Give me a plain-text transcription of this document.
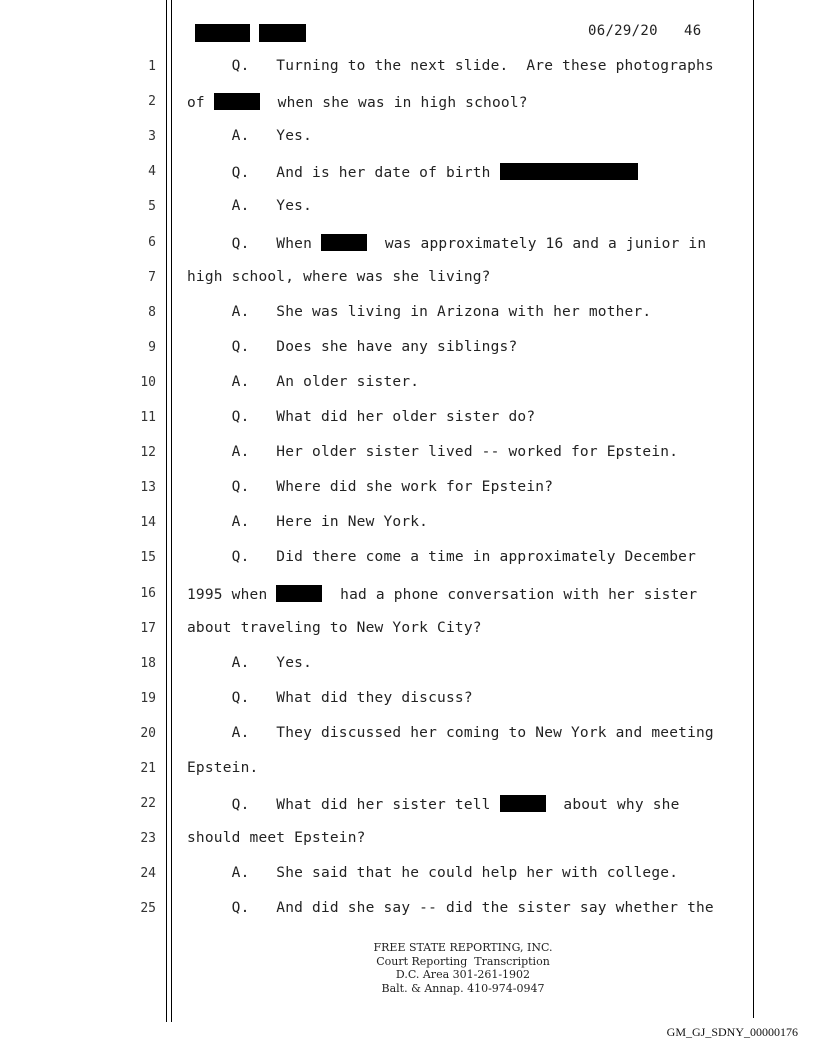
06/29/20   46
1 Q.   Turning to the next slide.  Are these photographs
2 of	when she was in high school?
3 A.   Yes.
4 Q.   And is her date of birth
5 A.   Yes.
6 Q.   When	was approximately 16 and a junior in
7 high school, where was she living?
8 A.   She was living in Arizona with her mother.
9 Q.   Does she have any siblings?
10 A.   An older sister.
11 Q.   What did her older sister do?
12 A.   Her older sister lived -- worked for Epstein.
13 Q.   Where did she work for Epstein?
14 A.   Here in New York.
15 Q.   Did there come a time in approximately December
16 1995 when	had a phone conversation with her sister
17 about traveling to New York City?
18 A.   Yes.
19 Q.   What did they discuss?
20 A.   They discussed her coming to New York and meeting
21 Epstein.
22 Q.   What did her sister tell	about why she
23 should meet Epstein?
24 A.   She said that he could help her with college.
25 Q.   And did she say -- did the sister say whether the
FREE STATE REPORTING, INC.
Court Reporting  Transcription
D.C. Area 301-261-1902
Balt. & Annap. 410-974-0947
GM_GJ_SDNY_00000176
